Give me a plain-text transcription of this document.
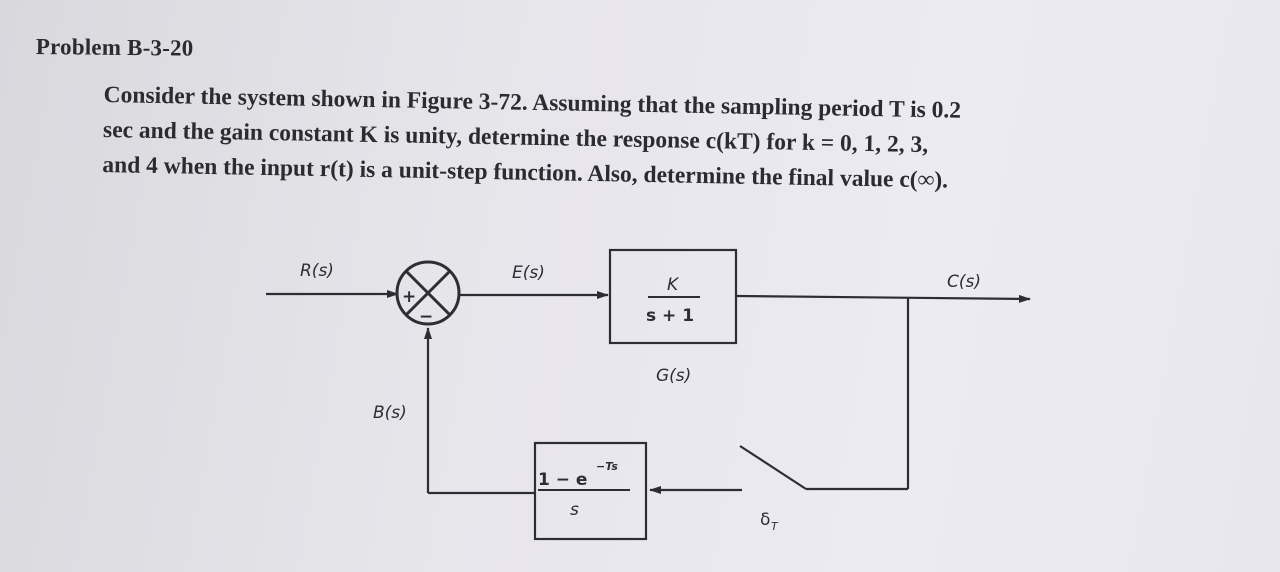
Problem B-3-20
Consider the system shown in Figure 3-72. Assuming that the sampling period T is 0.2
sec and the gain constant K is unity, determine the response c(kT) for k = 0, 1, 2, 3,
and 4 when the input r(t) is a unit-step function. Also, determine the final value c(∞).
R(s)
+
−
E(s)
K
s + 1
G(s)
C(s)
B(s)
1 − e
−Ts
s	δ T
